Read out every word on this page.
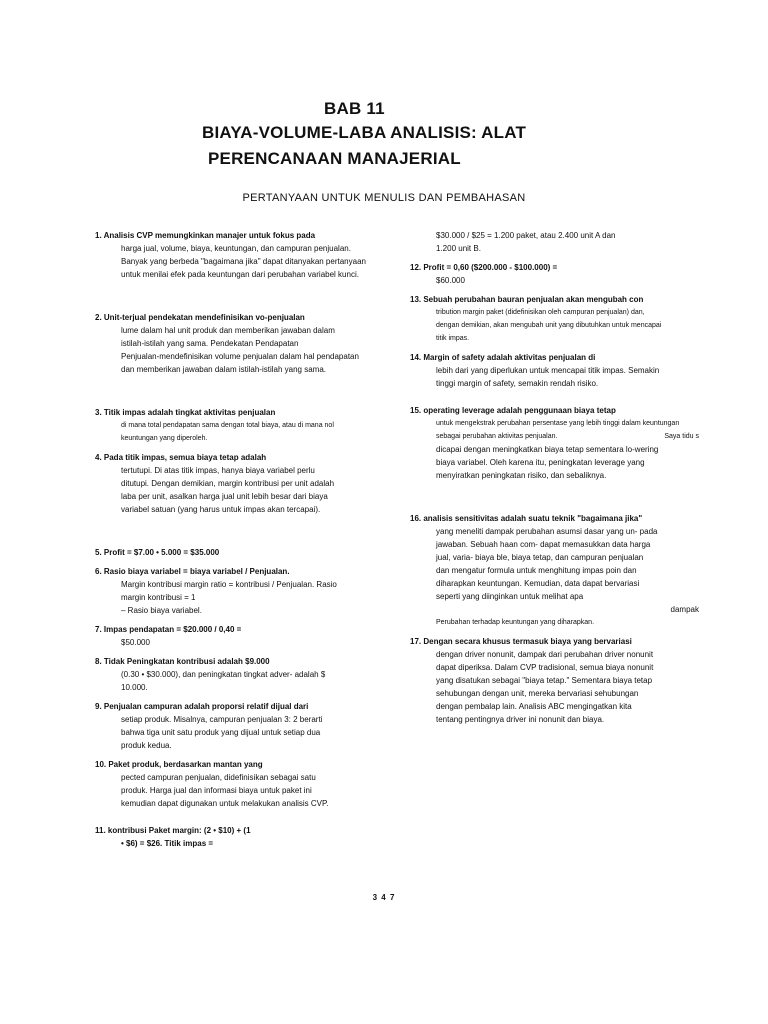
BAB 11
BIAYA-VOLUME-LABA ANALISIS: ALAT
PERENCANAAN MANAJERIAL
PERTANYAAN UNTUK MENULIS DAN PEMBAHASAN
1. Analisis CVP memungkinkan manajer untuk fokus pada
harga jual, volume, biaya, keuntungan, dan campuran penjualan.
Banyak yang berbeda "bagaimana jika" dapat ditanyakan pertanyaan
untuk menilai efek pada keuntungan dari perubahan variabel kunci.
2. Unit-terjual pendekatan mendefinisikan vo-penjualan
lume dalam hal unit produk dan memberikan jawaban dalam
istilah-istilah yang sama. Pendekatan Pendapatan
Penjualan-mendefinisikan volume penjualan dalam hal pendapatan
dan memberikan jawaban dalam istilah-istilah yang sama.
3. Titik impas adalah tingkat aktivitas penjualan
di mana total pendapatan sama dengan total biaya, atau di mana nol
keuntungan yang diperoleh.
4. Pada titik impas, semua biaya tetap adalah
tertutupi. Di atas titik impas, hanya biaya variabel perlu
ditutupi. Dengan demikian, margin kontribusi per unit adalah
laba per unit, asalkan harga jual unit lebih besar dari biaya
variabel satuan (yang harus untuk impas akan tercapai).
5. Profit = $7.00 • 5.000 = $35.000
6. Rasio biaya variabel = biaya variabel / Penjualan.
Margin kontribusi margin ratio = kontribusi / Penjualan. Rasio
margin kontribusi = 1
– Rasio biaya variabel.
7. Impas pendapatan = $20.000 / 0,40 =
$50.000
8. Tidak Peningkatan kontribusi adalah $9.000
(0.30 • $30.000), dan peningkatan tingkat adver- adalah $
10.000.
9. Penjualan campuran adalah proporsi relatif dijual dari
setiap produk. Misalnya, campuran penjualan 3: 2 berarti
bahwa tiga unit satu produk yang dijual untuk setiap dua
produk kedua.
10. Paket produk, berdasarkan mantan yang
pected campuran penjualan, didefinisikan sebagai satu
produk. Harga jual dan informasi biaya untuk paket ini
kemudian dapat digunakan untuk melakukan analisis CVP.
11. kontribusi Paket margin: (2 • $10) + (1
• $6) = $26. Titik impas =
$30.000 / $25 = 1.200 paket, atau 2.400 unit A dan
1.200 unit B.
12. Profit = 0,60 ($200.000 - $100.000) =
$60.000
13. Sebuah perubahan bauran penjualan akan mengubah con
tribution margin paket (didefinisikan oleh campuran penjualan) dan,
dengan demikian, akan mengubah unit yang dibutuhkan untuk mencapai
titik impas.
14. Margin of safety adalah aktivitas penjualan di
lebih dari yang diperlukan untuk mencapai titik impas. Semakin
tinggi margin of safety, semakin rendah risiko.
15. operating leverage adalah penggunaan biaya tetap
untuk mengekstrak perubahan persentase yang lebih tinggi dalam keuntungan
sebagai perubahan aktivitas penjualan.	Saya tidu s
dicapai dengan meningkatkan biaya tetap sementara lo-wering
biaya variabel. Oleh karena itu, peningkatan leverage yang
menyiratkan peningkatan risiko, dan sebaliknya.
16. analisis sensitivitas adalah suatu teknik "bagaimana jika"
yang meneliti dampak perubahan asumsi dasar yang un- pada
jawaban. Sebuah haan com- dapat memasukkan data harga
jual, varia- biaya ble, biaya tetap, dan campuran penjualan
dan mengatur formula untuk menghitung impas poin dan
diharapkan keuntungan. Kemudian, data dapat bervariasi
seperti yang diinginkan untuk melihat apa
dampak
Perubahan terhadap keuntungan yang diharapkan.
17. Dengan secara khusus termasuk biaya yang bervariasi
dengan driver nonunit, dampak dari perubahan driver nonunit
dapat diperiksa. Dalam CVP tradisional, semua biaya nonunit
yang disatukan sebagai "biaya tetap." Sementara biaya tetap
sehubungan dengan unit, mereka bervariasi sehubungan
dengan pembalap lain. Analisis ABC mengingatkan kita
tentang pentingnya driver ini nonunit dan biaya.
3 4 7
